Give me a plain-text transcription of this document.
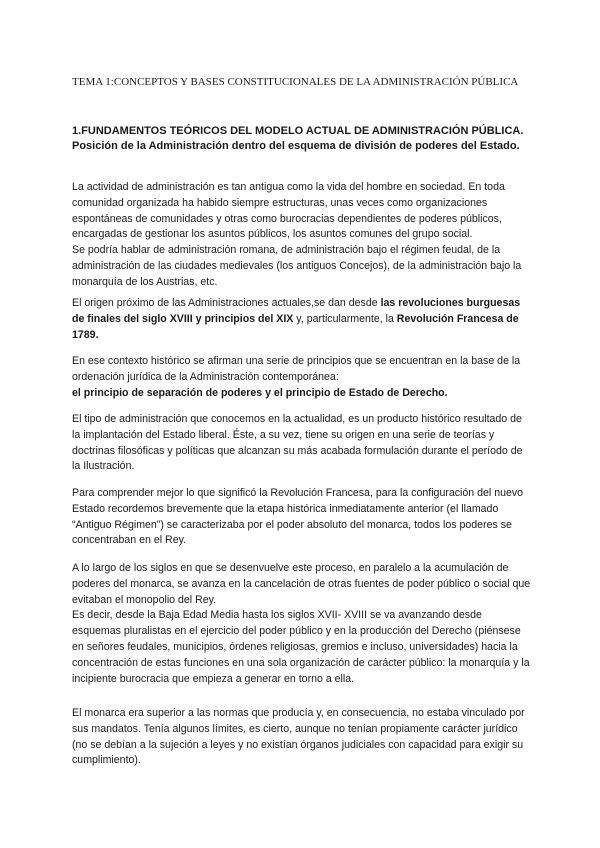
TEMA 1:CONCEPTOS Y BASES CONSTITUCIONALES DE LA ADMINISTRACIÓN PÚBLICA
1.FUNDAMENTOS TEÓRICOS DEL MODELO ACTUAL DE ADMINISTRACIÓN PÚBLICA. Posición de la Administración dentro del esquema de división de poderes del Estado.

La actividad de administración es tan antigua como la vida del hombre en sociedad. En toda comunidad organizada ha habido siempre estructuras, unas veces como organizaciones espontáneas de comunidades y otras como burocracias dependientes de poderes públicos, encargadas de gestionar los asuntos públicos, los asuntos comunes del grupo social.
Se podría hablar de administración romana, de administración bajo el régimen feudal, de la administración de las ciudades medievales (los antiguos Concejos), de la administración bajo la monarquía de los Austrias, etc.

El origen próximo de las Administraciones actuales,se dan desde las revoluciones burguesas de finales del siglo XVIII y principios del XIX y, particularmente, la Revolución Francesa de 1789.

En ese contexto histórico se afirman una serie de principios que se encuentran en la base de la ordenación jurídica de la Administración contemporánea:
el principio de separación de poderes y el principio de Estado de Derecho.

El tipo de administración que conocemos en la actualidad, es un producto histórico resultado de la implantación del Estado liberal. Éste, a su vez, tiene su origen en una serie de teorías y doctrinas filosóficas y políticas que alcanzan su más acabada formulación durante el período de la Ilustración.

Para comprender mejor lo que significó la Revolución Francesa, para la configuración del nuevo Estado recordemos brevemente que la etapa histórica inmediatamente anterior (el llamado “Antiguo Régimen”) se caracterizaba por el poder absoluto del monarca, todos los poderes se concentraban en el Rey.

A lo largo de los siglos en que se desenvuelve este proceso, en paralelo a la acumulación de poderes del monarca, se avanza en la cancelación de otras fuentes de poder público o social que evitaban el monopolio del Rey.
Es decir, desde la Baja Edad Media hasta los siglos XVII- XVIII se va avanzando desde esquemas pluralistas en el ejercicio del poder público y en la producción del Derecho (piénsese en señores feudales, municipios, órdenes religiosas, gremios e incluso, universidades) hacia la concentración de estas funciones en una sola organización de carácter público: la monarquía y la incipiente burocracia que empieza a generar en torno a ella.

El monarca era superior a las normas que producía y, en consecuencia, no estaba vinculado por sus mandatos. Tenía algunos límites, es cierto, aunque no tenían propiamente carácter jurídico (no se debían a la sujeción a leyes y no existían órganos judiciales con capacidad para exigir su cumplimiento).
